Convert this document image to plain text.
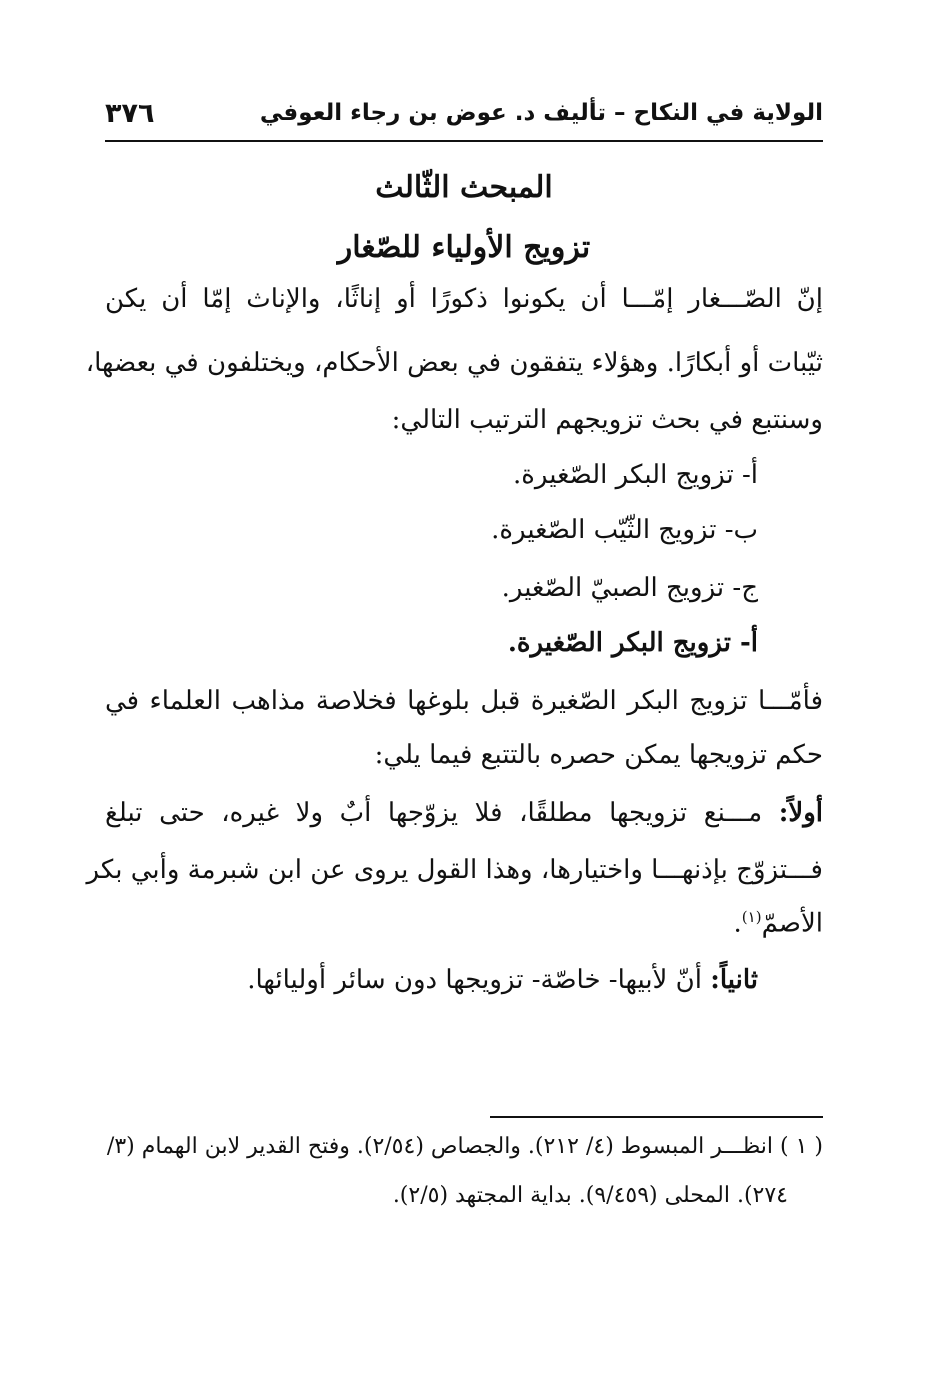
الولاية في النكاح – تأليف د. عوض بن رجاء العوفي
٣٧٦
المبحث الثّالث
تزويج الأولياء للصّغار
إنّ الصّـــغار إمّـــا أن يكونوا ذكورًا أو إناثًا، والإناث إمّا أن يكن
ثيّبات أو أبكارًا. وهؤلاء يتفقون في بعض الأحكام، ويختلفون في بعضها،
وسنتبع في بحث تزويجهم الترتيب التالي:
أ- تزويج البكر الصّغيرة.
ب- تزويج الثّيّب الصّغيرة.
ج- تزويج الصبيّ الصّغير.
أ- تزويج البكر الصّغيرة.
فأمّـــا تزويج البكر الصّغيرة قبل بلوغها فخلاصة مذاهب العلماء في
حكم تزويجها يمكن حصره بالتتبع فيما يلي:
أولاً: مـــنع تزويجها مطلقًا، فلا يزوّجها أبٌ ولا غيره، حتى تبلغ
فـــتزوّج بإذنهـــا واختيارها، وهذا القول يروى عن ابن شبرمة وأبي بكر
الأصمّ$^{(١)}$.
ثانياً: أنّ لأبيها- خاصّة- تزويجها دون سائر أوليائها.
( ١ ) انظـــر المبسوط (٤/ ٢١٢). والجصاص (٢/٥٤). وفتح القدير لابن الهمام (٣/
٢٧٤). المحلى (٩/٤٥٩). بداية المجتهد (٢/٥).
